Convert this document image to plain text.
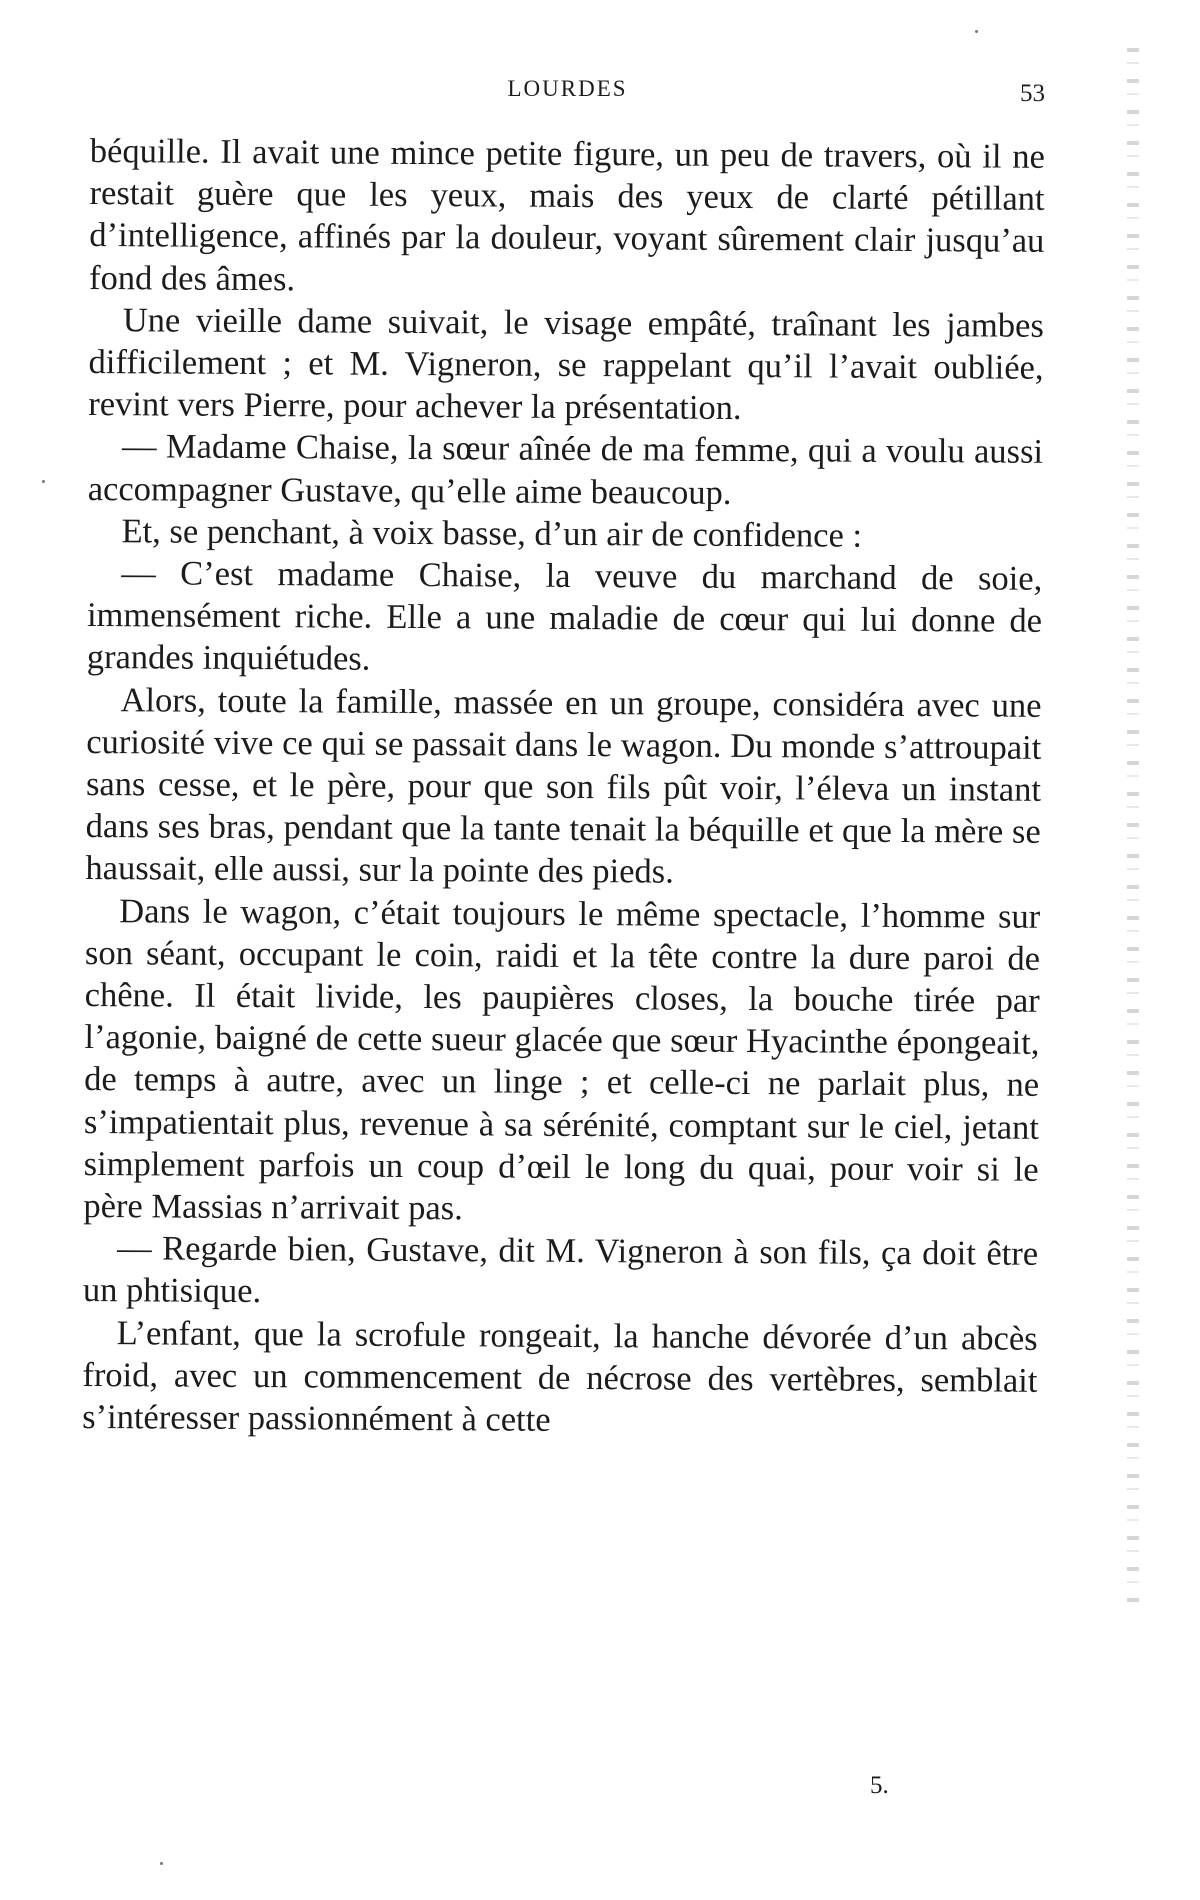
LOURDES	53

béquille. Il avait une mince petite figure, un peu de travers, où il ne restait guère que les yeux, mais des yeux de clarté pétillant d’intelligence, affinés par la douleur, voyant sûrement clair jusqu’au fond des âmes.

Une vieille dame suivait, le visage empâté, traînant les jambes difficilement ; et M. Vigneron, se rappelant qu’il l’avait oubliée, revint vers Pierre, pour achever la présentation.

— Madame Chaise, la sœur aînée de ma femme, qui a voulu aussi accompagner Gustave, qu’elle aime beaucoup.

Et, se penchant, à voix basse, d’un air de confidence :

— C’est madame Chaise, la veuve du marchand de soie, immensément riche. Elle a une maladie de cœur qui lui donne de grandes inquiétudes.

Alors, toute la famille, massée en un groupe, considéra avec une curiosité vive ce qui se passait dans le wagon. Du monde s’attroupait sans cesse, et le père, pour que son fils pût voir, l’éleva un instant dans ses bras, pendant que la tante tenait la béquille et que la mère se haussait, elle aussi, sur la pointe des pieds.

Dans le wagon, c’était toujours le même spectacle, l’homme sur son séant, occupant le coin, raidi et la tête contre la dure paroi de chêne. Il était livide, les paupières closes, la bouche tirée par l’agonie, baigné de cette sueur glacée que sœur Hyacinthe épongeait, de temps à autre, avec un linge ; et celle-ci ne parlait plus, ne s’impatientait plus, revenue à sa sérénité, comptant sur le ciel, jetant simplement parfois un coup d’œil le long du quai, pour voir si le père Massias n’arrivait pas.

— Regarde bien, Gustave, dit M. Vigneron à son fils, ça doit être un phtisique.

L’enfant, que la scrofule rongeait, la hanche dévorée d’un abcès froid, avec un commencement de nécrose des vertèbres, semblait s’intéresser passionnément à cette

5.
